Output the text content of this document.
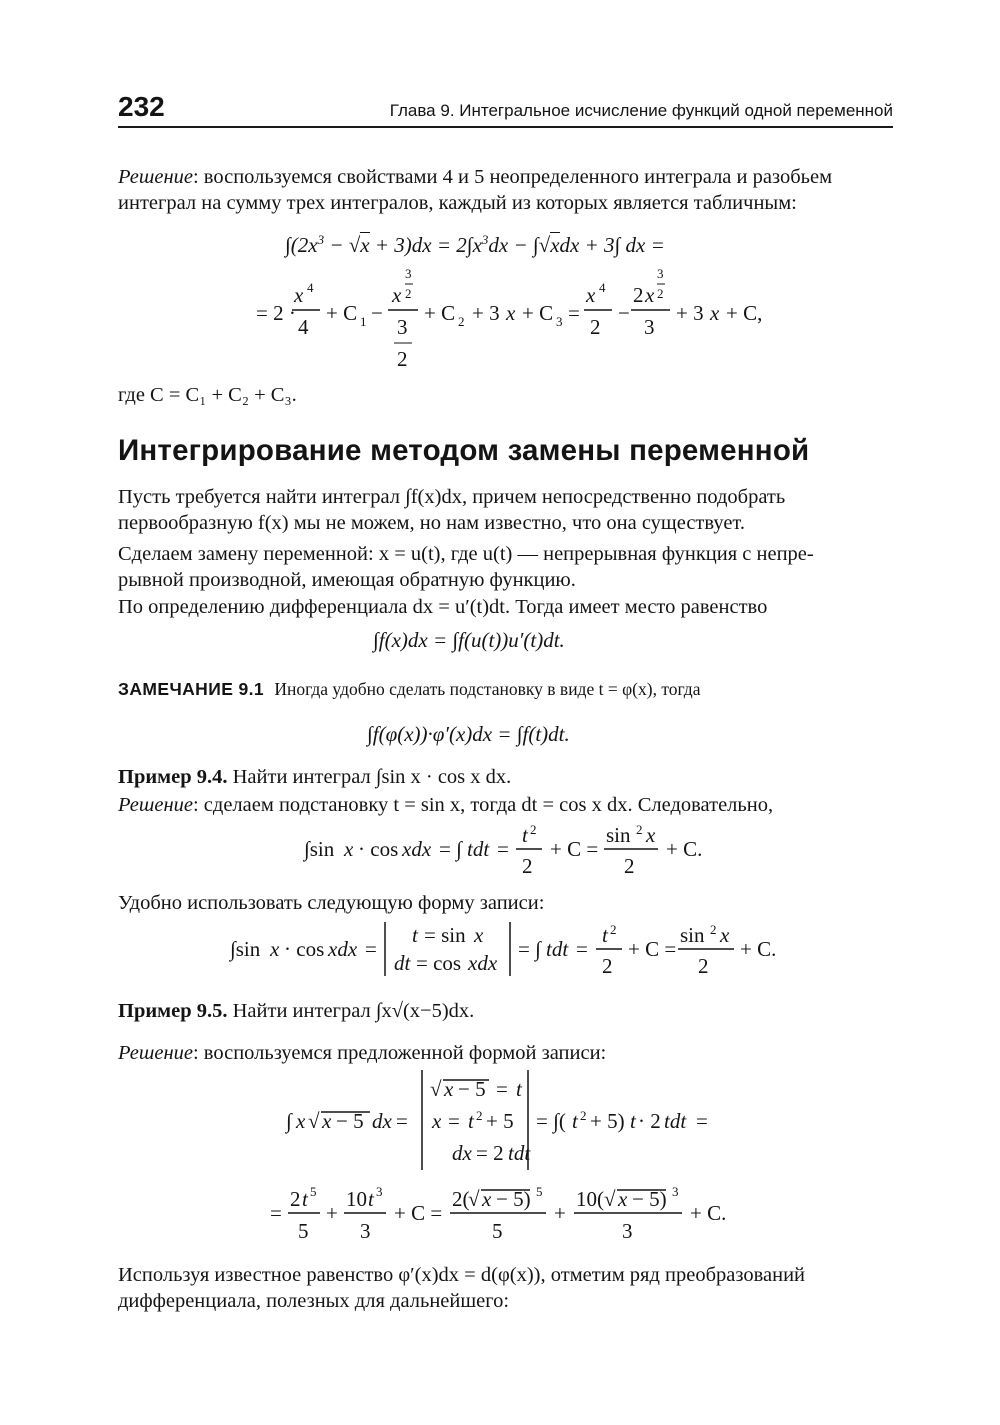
232	Глава 9. Интегральное исчисление функций одной переменной
Решение: воспользуемся свойствами 4 и 5 неопределенного интеграла и разобьем
интеграл на сумму трех интегралов, каждый из которых является табличным:
$\int(2x^3 - √x + 3)dx = 2\int x^3dx - \int√xdx + 3\int$ dx =
= 2 ·
x 4
4
+ C 1 −
3
x 2
3
2
+ C 2 + 3 x + C 3 =
x 4
2
−
3
2 x 2
3
+ 3 x + C,
где C = C₁ + C₂ + C₃.
Интегрирование методом замены переменной
Пусть требуется найти интеграл ∫f(x)dx, причем непосредственно подобрать
первообразную f(x) мы не можем, но нам известно, что она существует.
Сделаем замену переменной: x = u(t), где u(t) — непрерывная функция с непре-
рывной производной, имеющая обратную функцию.
По определению дифференциала dx = u′(t)dt. Тогда имеет место равенство
∫f(x)dx = ∫f(u(t))u′(t)dt.
ЗАМЕЧАНИЕ 9.1 Иногда удобно сделать подстановку в виде t = φ(x), тогда
∫f(φ(x))·φ′(x)dx = ∫f(t)dt.
Пример 9.4. Найти интеграл ∫sin x · cos x dx.
Решение: сделаем подстановку t = sin x, тогда dt = cos x dx. Следовательно,
∫sin x · cos xdx = ∫ tdt =
t 2
2
+ C =
sin 2 x
2
+ C.
Удобно использовать следующую форму записи:
∫sin x · cos xdx =
t = sin x
dt = cos xdx
= ∫ tdt =
t 2
2
+ C =
sin 2 x
2
+ C.
Пример 9.5. Найти интеграл ∫x√(x−5)dx.
Решение: воспользуемся предложенной формой записи:
∫ x √ x − 5 dx =
√ x − 5 = t
x = t 2 + 5
dx = 2 tdt
= ∫( t 2 + 5) t · 2 tdt =
=
2 t 5
5
+
10 t 3
3
+ C =
2(
√ x − 5) 5
5
+
10( √ x − 5) 3
3
+ C.
Используя известное равенство φ′(x)dx = d(φ(x)), отметим ряд преобразований
дифференциала, полезных для дальнейшего:
